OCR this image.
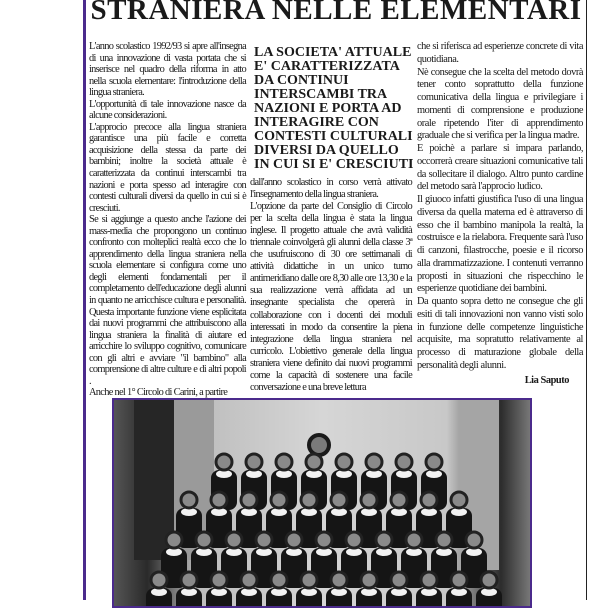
STRANIERA NELLE ELEMENTARI

L'anno scolastico 1992/93 si apre all'insegna di una innovazione di vasta portata che si inserisce nel quadro della riforma in atto nella scuola elementare: l'introduzione della lingua straniera.

L'opportunità di tale innovazione nasce da alcune considerazioni.

L'approcio precoce alla lingua straniera garantisce una più facile e corretta acquisizione della stessa da parte dei bambini; inoltre la società attuale è caratterizzata da continui interscambi tra nazioni e porta spesso ad interagire con contesti culturali diversi da quello in cui si è cresciuti.

Se si aggiunge a questo anche l'azione dei mass-media che propongono un continuo confronto con molteplici realtà ecco che lo apprendimento della lingua straniera nella scuola elementare si configura come uno degli elementi fondamentali per il completamento dell'educazione degli alunni in quanto ne arricchisce cultura e personalità. Questa importante funzione viene esplicitata dai nuovi programmi che attribuiscono alla lingua straniera la finalità di aiutare ed arricchire lo sviluppo cognitivo, comunicare con gli altri e avviare "il bambino" alla comprensione di altre culture e di altri popoli .

Anche nel 1° Circolo di Carini, a partire

LA SOCIETA' ATTUALE
E' CARATTERIZZATA
DA CONTINUI
INTERSCAMBI TRA
NAZIONI E PORTA AD
INTERAGIRE CON
CONTESTI CULTURALI
DIVERSI DA QUELLO
IN CUI SI E' CRESCIUTI

dall'anno scolastico in corso verrà attivato l'insegnamento della lingua straniera.

L'opzione da parte del Consiglio di Circolo per la scelta della lingua è stata la lingua inglese. Il progetto attuale che avrà validità triennale coinvolgerà gli alunni della classe 3ª che usufruiscono di 30 ore settimanali di attività didattiche in un unico turno antimeridiano dalle ore 8,30 alle ore 13,30 e la sua realizzazione verrà affidata ad un insegnante specialista che opererà in collaborazione con i docenti dei moduli interessati in modo da consentire la piena integrazione della lingua straniera nel curricolo. L'obiettivo generale della lingua straniera viene definito dai nuovi programmi come la capacità di sostenere una facile conversazione e una breve lettura

che si riferisca ad esperienze concrete di vita quotidiana.

Nè consegue che la scelta del metodo dovrà tener conto soprattutto della funzione comunicativa della lingua e privilegiare i momenti di comprensione e produzione orale ripetendo l'iter di apprendimento graduale che si verifica per la lingua madre.

E poichè a parlare si impara parlando, occorrerà creare situazioni comunicative tali da sollecitare il dialogo. Altro punto cardine del metodo sarà l'approcio ludico.

Il giuoco infatti giustifica l'uso di una lingua diversa da quella materna ed è attraverso di esso che il bambino manipola la realtà, la costruisce e la rielabora. Frequente sarà l'uso di canzoni, filastrocche, poesie e il ricorso alla drammatizzazione. I contenuti verranno proposti in situazioni che rispecchino le esperienze quotidiane dei bambini.

Da quanto sopra detto ne consegue che gli esiti di tali innovazioni non vanno visti solo in funzione delle competenze linguistiche acquisite, ma sopratutto relativamente al processo di maturazione globale della personalità degli alunni.

Lia Saputo
